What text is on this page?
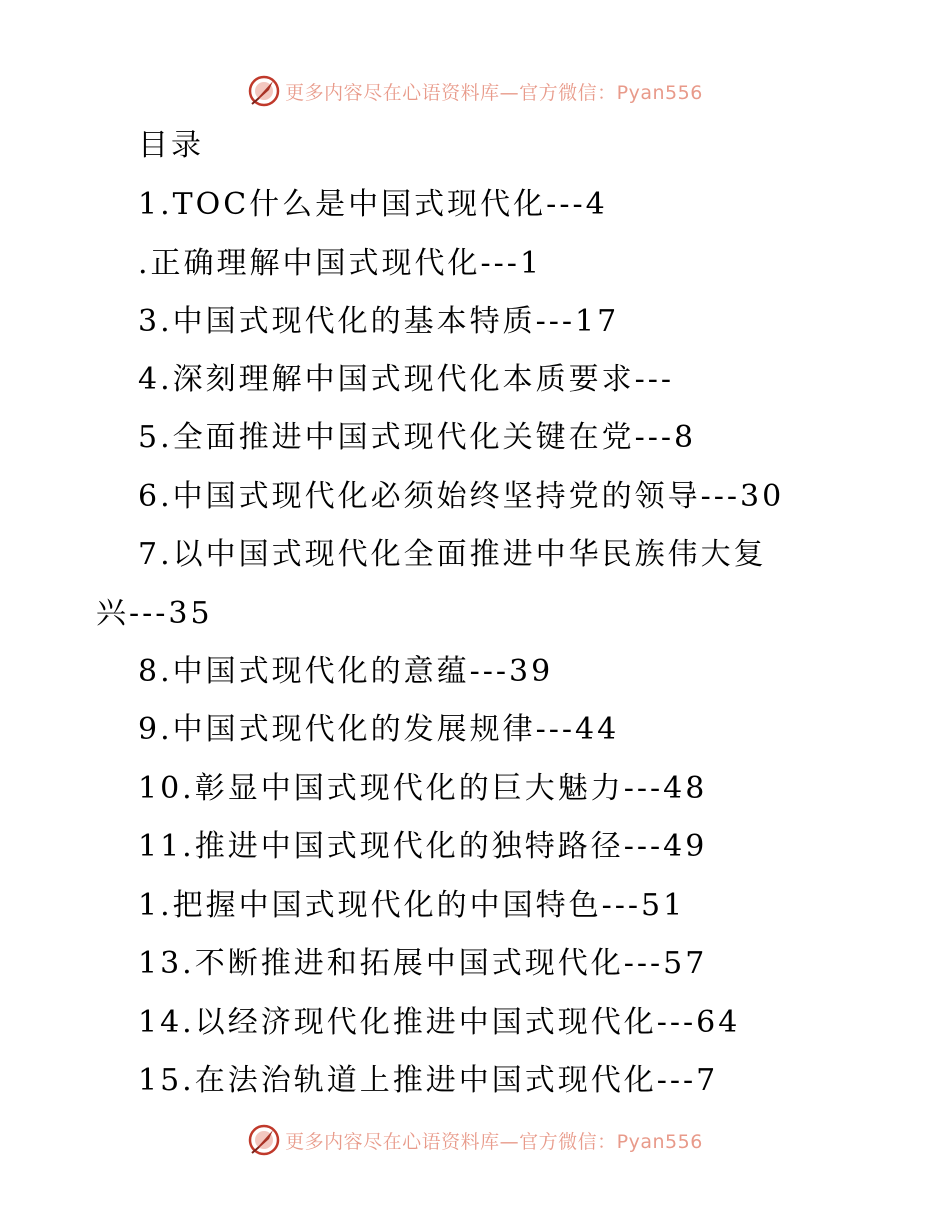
更多内容尽在心语资料库—官方微信：Pyan556
目录
1.TOC什么是中国式现代化---4
.正确理解中国式现代化---1
3.中国式现代化的基本特质---17
4.深刻理解中国式现代化本质要求---
5.全面推进中国式现代化关键在党---8
6.中国式现代化必须始终坚持党的领导---30
7.以中国式现代化全面推进中华民族伟大复
兴---35
8.中国式现代化的意蕴---39
9.中国式现代化的发展规律---44
10.彰显中国式现代化的巨大魅力---48
11.推进中国式现代化的独特路径---49
1.把握中国式现代化的中国特色---51
13.不断推进和拓展中国式现代化---57
14.以经济现代化推进中国式现代化---64
15.在法治轨道上推进中国式现代化---7
更多内容尽在心语资料库—官方微信：Pyan556
